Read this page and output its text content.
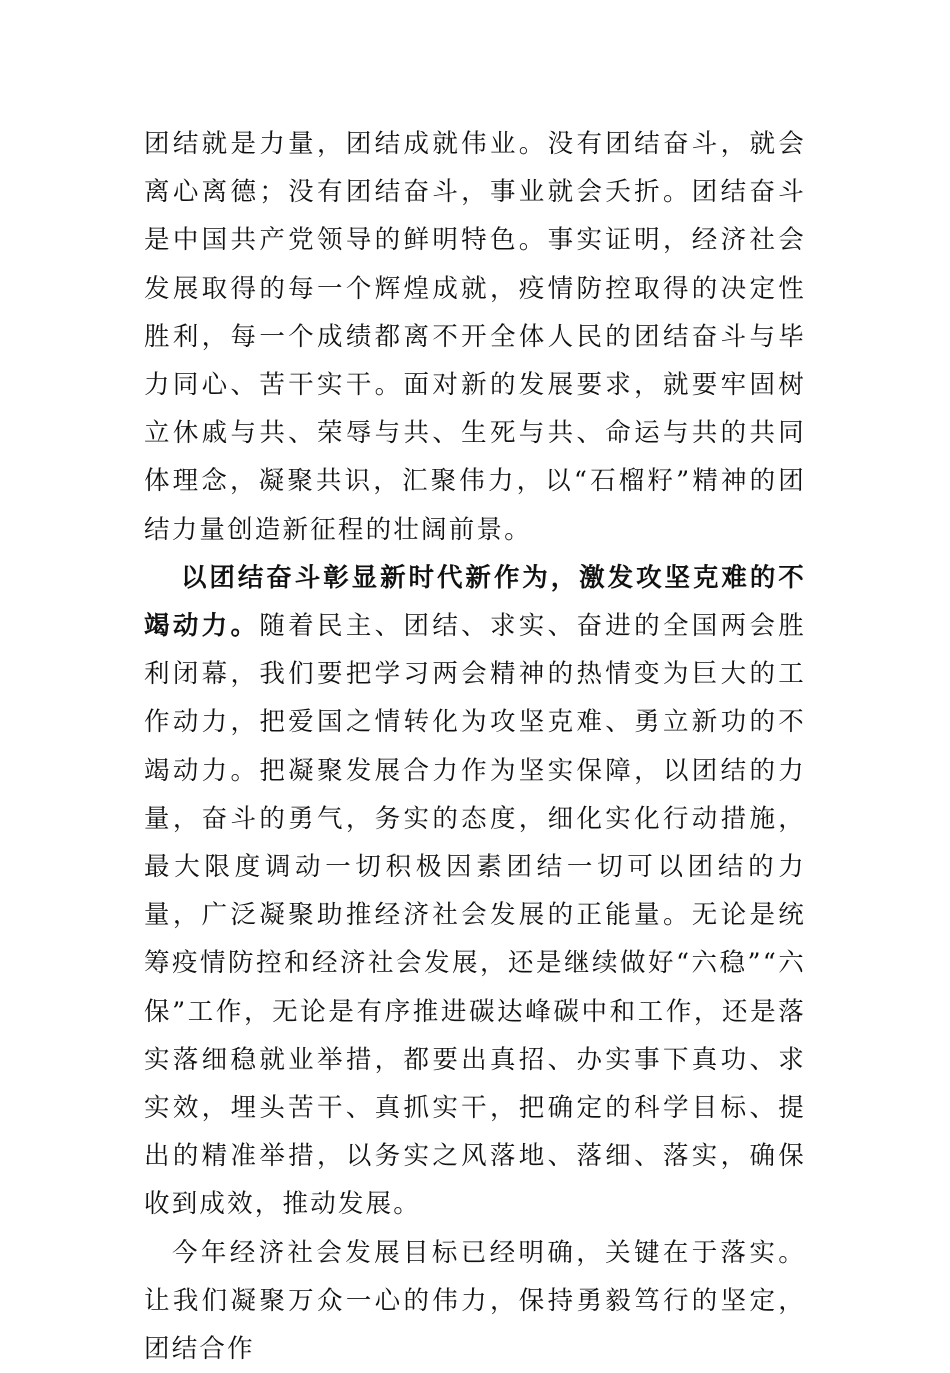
团结就是力量，团结成就伟业。没有团结奋斗，就会离心离德；没有团结奋斗，事业就会夭折。团结奋斗是中国共产党领导的鲜明特色。事实证明，经济社会发展取得的每一个辉煌成就，疫情防控取得的决定性胜利，每一个成绩都离不开全体人民的团结奋斗与毕力同心、苦干实干。面对新的发展要求，就要牢固树立休戚与共、荣辱与共、生死与共、命运与共的共同体理念，凝聚共识，汇聚伟力，以“石榴籽”精神的团结力量创造新征程的壮阔前景。

以团结奋斗彰显新时代新作为，激发攻坚克难的不竭动力。随着民主、团结、求实、奋进的全国两会胜利闭幕，我们要把学习两会精神的热情变为巨大的工作动力，把爱国之情转化为攻坚克难、勇立新功的不竭动力。把凝聚发展合力作为坚实保障，以团结的力量，奋斗的勇气，务实的态度，细化实化行动措施，最大限度调动一切积极因素团结一切可以团结的力量，广泛凝聚助推经济社会发展的正能量。无论是统筹疫情防控和经济社会发展，还是继续做好“六稳”“六保”工作，无论是有序推进碳达峰碳中和工作，还是落实落细稳就业举措，都要出真招、办实事下真功、求实效，埋头苦干、真抓实干，把确定的科学目标、提出的精准举措，以务实之风落地、落细、落实，确保收到成效，推动发展。

今年经济社会发展目标已经明确，关键在于落实。让我们凝聚万众一心的伟力，保持勇毅笃行的坚定，团结合作
